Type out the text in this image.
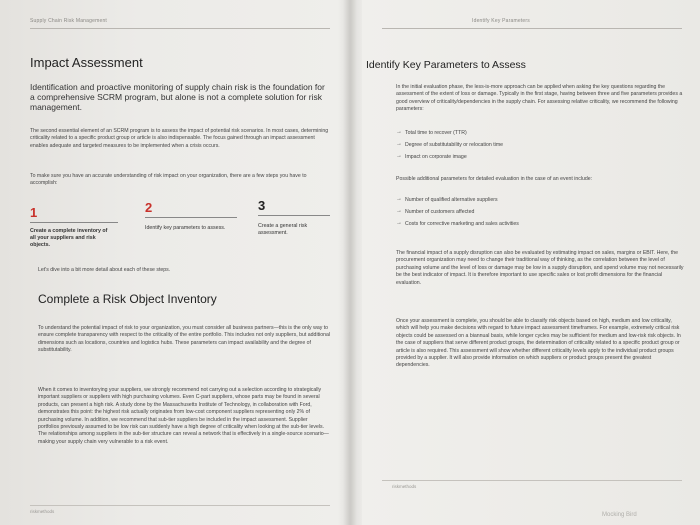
Supply Chain Risk Management
Impact Assessment
Identification and proactive monitoring of supply chain risk is the foundation for a comprehensive SCRM program, but alone is not a complete solution for risk management.
The second essential element of an SCRM program is to assess the impact of potential risk scenarios. In most cases, determining criticality related to a specific product group or article is also indispensable. The focus gained through an impact assessment enables adequate and targeted measures to be implemented when a crisis occurs.
To make sure you have an accurate understanding of risk impact on your organization, there are a few steps you have to accomplish:
1
Create a complete inventory of all your suppliers and risk objects.
2
Identify key parameters to assess.
3
Create a general risk assessment.
Let's dive into a bit more detail about each of these steps.
Complete a Risk Object Inventory
To understand the potential impact of risk to your organization, you must consider all business partners—this is the only way to ensure complete transparency with respect to the criticality of the entire portfolio. This includes not only suppliers, but additional dimensions such as locations, countries and logistics hubs. These parameters can impact availability and the degree of substitutability.
When it comes to inventorying your suppliers, we strongly recommend not carrying out a selection according to strategically important suppliers or suppliers with high purchasing volumes. Even C-part suppliers, whose parts may be found in several products, can present a high risk. A study done by the Massachusetts Institute of Technology, in collaboration with Ford, demonstrates this point: the highest risk actually originates from low-cost component suppliers representing only 2% of purchasing volume. In addition, we recommend that sub-tier suppliers be included in the impact assessment. Supplier portfolios previously assumed to be low risk can suddenly have a high degree of criticality when looking at the sub-tier levels. The relationships among suppliers in the sub-tier structure can reveal a network that is effectively in a single-source scenario—making your supply chain very vulnerable to a risk event.
riskmethods
Identify Key Parameters
Identify Key Parameters to Assess
In the initial evaluation phase, the less-is-more approach can be applied when asking the key questions regarding the assessment of the extent of loss or damage. Typically in the first stage, having between three and five parameters provides a good overview of criticality/dependencies in the supply chain. For assessing relative criticality, we recommend the following parameters:
→ Total time to recover (TTR)
→ Degree of substitutability or relocation time
→ Impact on corporate image
Possible additional parameters for detailed evaluation in the case of an event include:
→ Number of qualified alternative suppliers
→ Number of customers affected
→ Costs for corrective marketing and sales activities
The financial impact of a supply disruption can also be evaluated by estimating impact on sales, margins or EBIT. Here, the procurement organization may need to change their traditional way of thinking, as the correlation between the level of purchasing volume and the level of loss or damage may be low in a supply disruption, and spend volume may not necessarily be the best indicator of impact. It is therefore important to use specific sales or lost profit dimensions for the financial evaluation.
Once your assessment is complete, you should be able to classify risk objects based on high, medium and low criticality, which will help you make decisions with regard to future impact assessment timeframes. For example, extremely critical risk objects could be assessed on a biannual basis, while longer cycles may be sufficient for medium and low-risk risk objects. In the case of suppliers that serve different product groups, the determination of criticality related to a specific product group or article is also required. This assessment will show whether different criticality levels apply to the individual product groups provided by a supplier. It will also provide information on which suppliers or product groups present the greatest dependencies.
riskmethods
Mocking Bird
